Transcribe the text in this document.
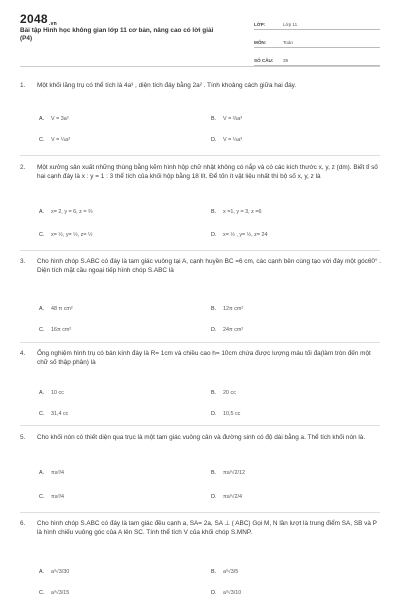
2048.vn
Bài tập Hình học không gian lớp 11 cơ bản, nâng cao có lời giải (P4)
LỚP:	Lớp 11
MÔN:	Toán
SỐ CÂU: 39
1. Một khối lăng trụ có thể tích là 4a³ , diện tích đáy bằng 2a² . Tính khoảng cách giữa hai đáy.
A. V = 3a³	B. V = ⅔a³
C. V = ¼a³	D. V = ¼a³
2. Một xưởng sản xuất những thùng bằng kẽm hình hộp chữ nhật không có nắp và có các kích thước x, y, z (dm). Biết tỉ số hai cạnh đáy là x : y = 1 : 3 thể tích của khối hộp bằng 18 lít. Để tốn ít vật liệu nhất thì bộ số x, y, z là
A. x= 2, y = 6, z = ⅔	B. x =1, y = 3, z =6
C. x= ½, y= ½, z= ½	D. x= ½ , y= ½, z= 24
3. Cho hình chóp S.ABC có đáy là tam giác vuông tại A, cạnh huyền BC =6 cm, các cạnh bên cùng tạo với đáy một góc60° . Diện tích mặt cầu ngoại tiếp hình chóp S.ABC là
A. 48 π cm²	B. 12π cm²
C. 16π cm²	D. 24π cm²
4. Ống nghiệm hình trụ có bán kính đáy là R= 1cm và chiều cao h= 10cm chứa được lượng máu tối đa(làm tròn đến một chữ số thập phân) là
A. 10 cc	B. 20 cc
C. 31,4 cc	D. 10,5 cc
5. Cho khối nón có thiết diện qua trục là một tam giác vuông cân và đường sinh có độ dài bằng a. Thể tích khối nón là.
A. πa³/4	B. πa³√2/12
C. πa³/4	D. πa³√2/4
6. Cho hình chóp S.ABC có đáy là tam giác đều cạnh a, SA= 2a, SA ⊥ ( ABC) Gọi M, N lần lượt là trung điểm SA, SB và P là hình chiếu vuông góc của A lên SC. Tính thể tích V của khối chóp S.MNP.
A. a³√3/30	B. a³√3/5
C. a³√3/15	D. a³√3/10
